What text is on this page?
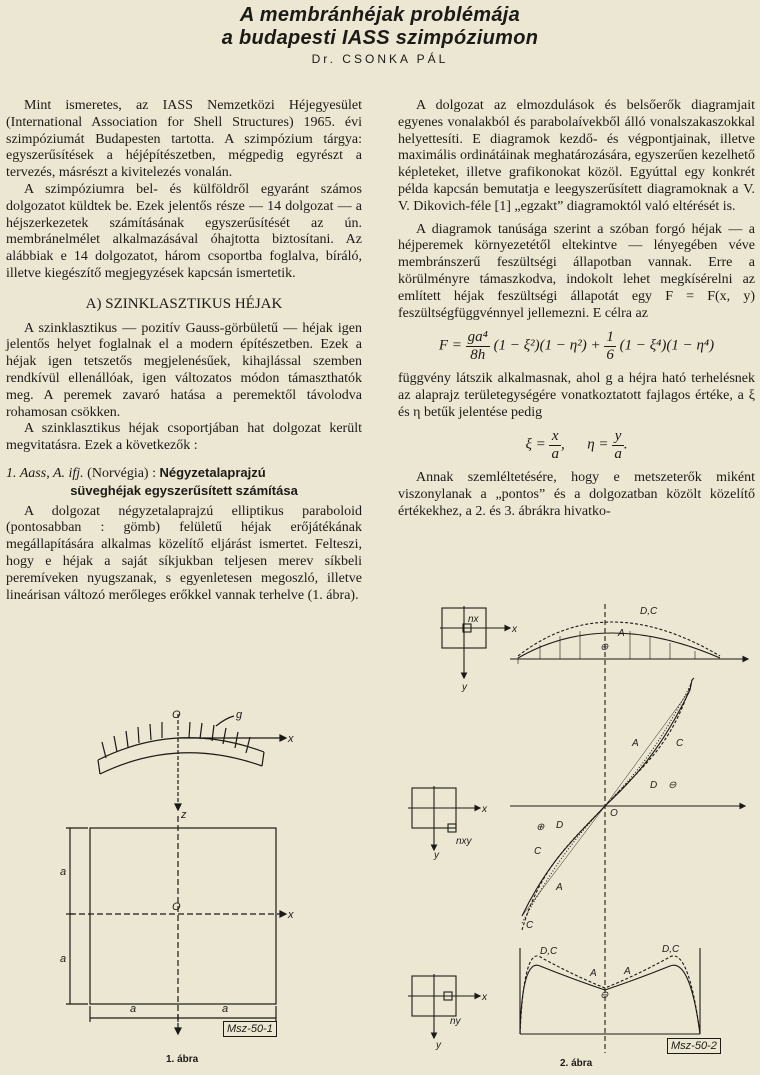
A membránhéjak problémája
a budapesti IASS szimpóziumon
Dr. CSONKA PÁL

Mint ismeretes, az IASS Nemzetközi Héjegyesület (International Association for Shell Structures) 1965. évi szimpóziumát Budapesten tartotta. A szimpózium tárgya: egyszerűsítések a héjépítészetben, mégpedig egyrészt a tervezés, másrészt a kivitelezés vonalán.

A szimpóziumra bel- és külföldről egyaránt számos dolgozatot küldtek be. Ezek jelentős része — 14 dolgozat — a héjszerkezetek számításának egyszerűsítését az ún. membránelmélet alkalmazásával óhajtotta biztosítani. Az alábbiak e 14 dolgozatot, három csoportba foglalva, bíráló, illetve kiegészítő megjegyzések kapcsán ismertetik.

A) SZINKLASZTIKUS HÉJAK

A szinklasztikus — pozitív Gauss-görbületű — héjak igen jelentős helyet foglalnak el a modern építészetben. Ezek a héjak igen tetszetős megjelenésűek, kihajlással szemben rendkívül ellenállóak, igen változatos módon támaszthatók meg. A peremek zavaró hatása a peremektől távolodva rohamosan csökken.

A szinklasztikus héjak csoportjában hat dolgozat került megvitatásra. Ezek a következők :

1. Aass, A. ifj. (Norvégia) : Négyzetalaprajzú
süveghéjak egyszerűsített számítása

A dolgozat négyzetalaprajzú elliptikus paraboloid (pontosabban : gömb) felületű héjak erőjátékának megállapítására alkalmas közelítő eljárást ismertet. Felteszi, hogy e héjak a saját síkjukban teljesen merev síkbeli peremíveken nyugszanak, s egyenletesen megoszló, illetve lineárisan változó merőleges erőkkel vannak terhelve (1. ábra).

A dolgozat az elmozdulások és belsőerők diagramjait egyenes vonalakból és parabolaívekből álló vonalszakaszokkal helyettesíti. E diagramok kezdő- és végpontjainak, illetve maximális ordinátáinak meghatározására, egyszerűen kezelhető képleteket, illetve grafikonokat közöl. Egyúttal egy konkrét példa kapcsán bemutatja e leegyszerűsített diagramoknak a V. V. Dikovich-féle [1] „egzakt” diagramoktól való eltérését is.

A diagramok tanúsága szerint a szóban forgó héjak — a héjperemek környezetétől eltekintve — lényegében véve membránszerű feszültségi állapotban vannak. Erre a körülményre támaszkodva, indokolt lehet megkísérelni az említett héjak feszültségi állapotát egy F = F(x, y) feszültségfüggvénnyel jellemezni. E célra az

$F = \frac{\text{ga⁴}}{8h} (1 - \xi^2)(1 - \eta^2) + \frac{1}{6} (1 - \xi^4)(1 - \eta^4)$

függvény látszik alkalmasnak, ahol g a héjra ható terhelésnek az alaprajz területegységére vonatkoztatott fajlagos értéke, a ξ és η betűk jelentése pedig

$\xi = \frac{x}{a}$ ,      $\eta = \frac{y}{a}$ .

Annak szemléltetésére, hogy e metszeterők miként viszonylanak a „pontos” és a dolgozatban közölt közelítő értékekhez, a 2. és 3. ábrákra hivatko-

O	g
x
z
O
x
a
a
a	a
Msz-50-1
1. ábra
D,C
A
nx
x
y
⊖
A	C
D ⊖
x	O
⊕ D
C
A
C
nxy
y
D,C
A	A
D,C
⊖
x
ny
y	Msz-50-2
2. ábra
